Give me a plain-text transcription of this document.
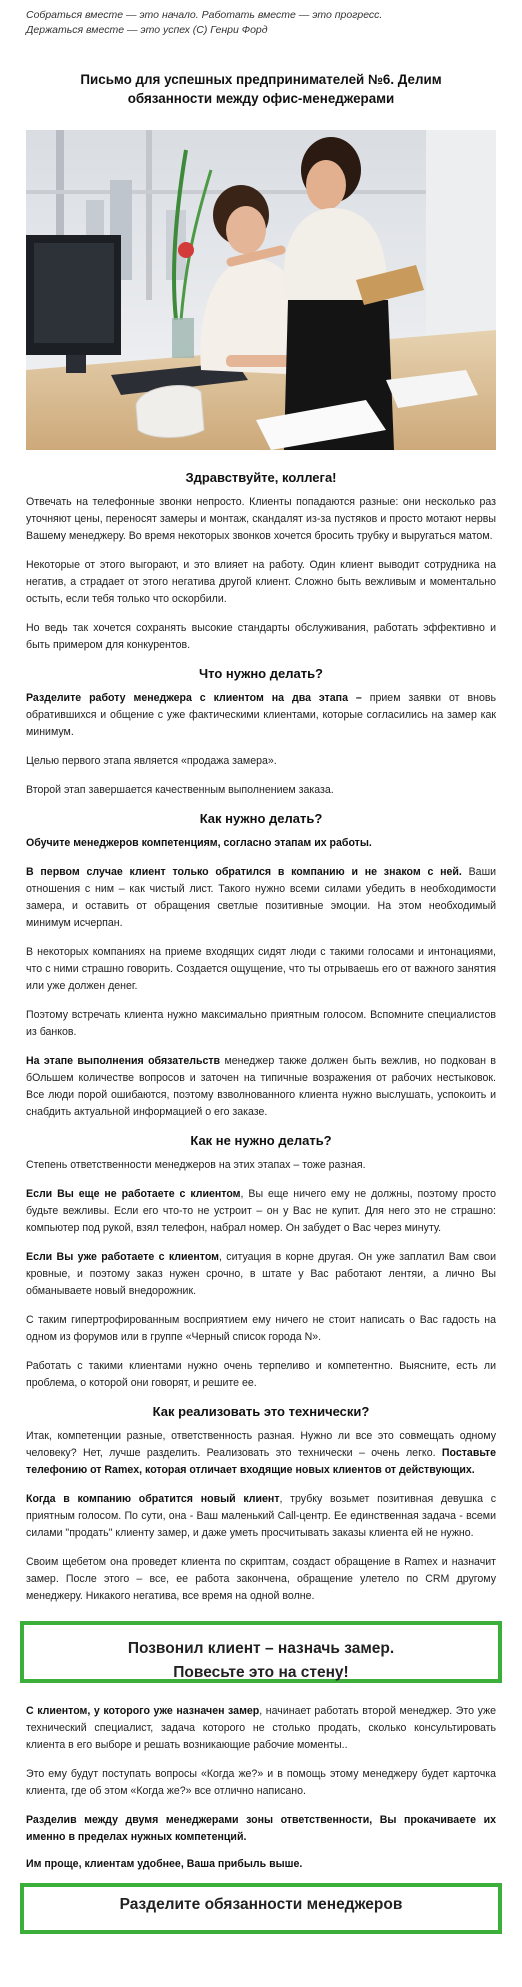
Собраться вместе — это начало. Работать вместе — это прогресс.
Держаться вместе — это успех (С) Генри Форд
Письмо для успешных предпринимателей №6. Делим обязанности между офис-менеджерами
Здравствуйте, коллега!

Отвечать на телефонные звонки непросто. Клиенты попадаются разные: они несколько раз уточняют цены, переносят замеры и монтаж, скандалят из-за пустяков и просто мотают нервы Вашему менеджеру. Во время некоторых звонков хочется бросить трубку и выругаться матом.

Некоторые от этого выгорают, и это влияет на работу. Один клиент выводит сотрудника на негатив, а страдает от этого негатива другой клиент. Сложно быть вежливым и моментально остыть, если тебя только что оскорбили.

Но ведь так хочется сохранять высокие стандарты обслуживания, работать эффективно и быть примером для конкурентов.

Что нужно делать?

Разделите работу менеджера с клиентом на два этапа – прием заявки от вновь обратившихся и общение с уже фактическими клиентами, которые согласились на замер как минимум.

Целью первого этапа является «продажа замера».

Второй этап завершается качественным выполнением заказа.

Как нужно делать?

Обучите менеджеров компетенциям, согласно этапам их работы.

В первом случае клиент только обратился в компанию и не знаком с ней. Ваши отношения с ним – как чистый лист. Такого нужно всеми силами убедить в необходимости замера, и оставить от обращения светлые позитивные эмоции. На этом необходимый минимум исчерпан.

В некоторых компаниях на приеме входящих сидят люди с такими голосами и интонациями, что с ними страшно говорить. Создается ощущение, что ты отрываешь его от важного занятия или уже должен денег.

Поэтому встречать клиента нужно максимально приятным голосом. Вспомните специалистов из банков.

На этапе выполнения обязательств менеджер также должен быть вежлив, но подкован в бОльшем количестве вопросов и заточен на типичные возражения от рабочих нестыковок. Все люди порой ошибаются, поэтому взволнованного клиента нужно выслушать, успокоить и снабдить актуальной информацией о его заказе.

Как не нужно делать?

Степень ответственности менеджеров на этих этапах – тоже разная.

Если Вы еще не работаете с клиентом, Вы еще ничего ему не должны, поэтому просто будьте вежливы. Если его что-то не устроит – он у Вас не купит. Для него это не страшно: компьютер под рукой, взял телефон, набрал номер. Он забудет о Вас через минуту.

Если Вы уже работаете с клиентом, ситуация в корне другая. Он уже заплатил Вам свои кровные, и поэтому заказ нужен срочно, в штате у Вас работают лентяи, а лично Вы обманываете новый внедорожник.

С таким гипертрофированным восприятием ему ничего не стоит написать о Вас гадость на одном из форумов или в группе «Черный список города N».

Работать с такими клиентами нужно очень терпеливо и компетентно. Выясните, есть ли проблема, о которой они говорят, и решите ее.

Как реализовать это технически?

Итак, компетенции разные, ответственность разная. Нужно ли все это совмещать одному человеку? Нет, лучше разделить. Реализовать это технически – очень легко. Поставьте телефонию от Ramex, которая отличает входящие новых клиентов от действующих.

Когда в компанию обратится новый клиент, трубку возьмет позитивная девушка с приятным голосом. По сути, она - Ваш маленький Call-центр. Ее единственная задача - всеми силами "продать" клиенту замер, и даже уметь просчитывать заказы клиента ей не нужно.

Своим щебетом она проведет клиента по скриптам, создаст обращение в Ramex и назначит замер. После этого – все, ее работа закончена, обращение улетело по CRM другому менеджеру. Никакого негатива, все время на одной волне.

Позвонил клиент – назначь замер.
Повесьте это на стену!

С клиентом, у которого уже назначен замер, начинает работать второй менеджер. Это уже технический специалист, задача которого не столько продать, сколько консультировать клиента в его выборе и решать возникающие рабочие моменты..

Это ему будут поступать вопросы «Когда же?» и в помощь этому менеджеру будет карточка клиента, где об этом «Когда же?» все отлично написано.

Разделив между двумя менеджерами зоны ответственности, Вы прокачиваете их именно в пределах нужных компетенций.

Им проще, клиентам удобнее, Ваша прибыль выше.

Разделите обязанности менеджеров
